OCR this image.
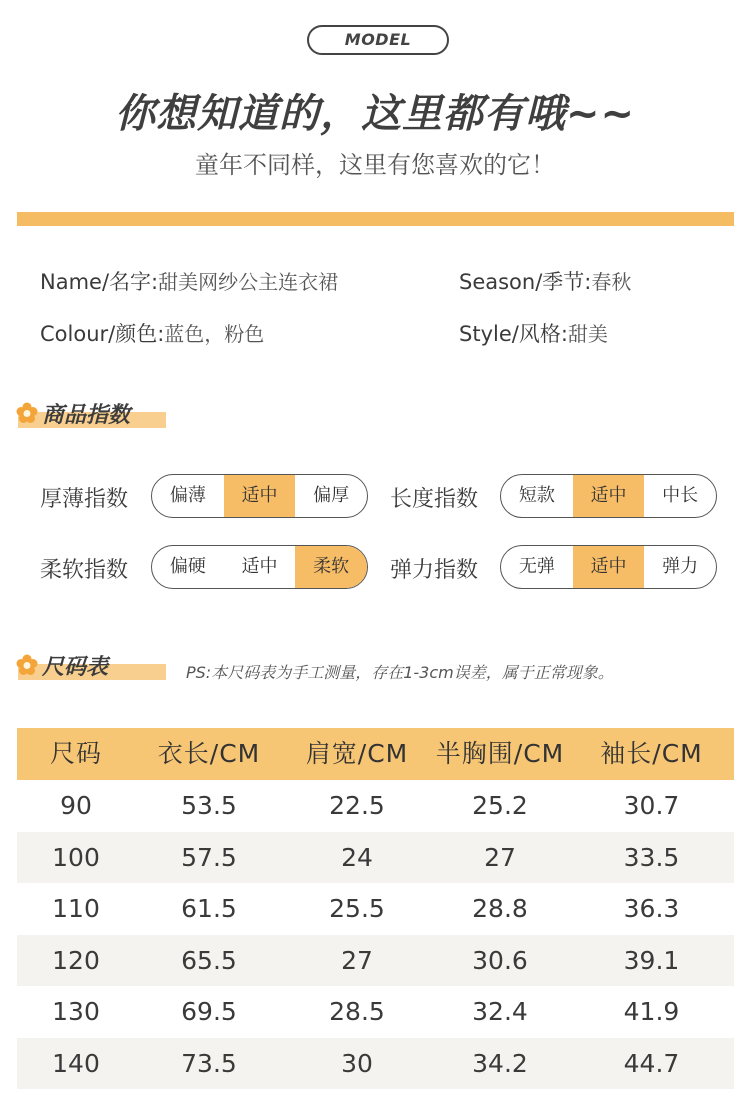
MODEL
你想知道的，这里都有哦~~
童年不同样，这里有您喜欢的它！
Name/名字:甜美网纱公主连衣裙	Season/季节:春秋
Colour/颜色:蓝色，粉色	Style/风格:甜美
商品指数
厚薄指数	偏薄	适中	偏厚	长度指数	短款	适中	中长
柔软指数	偏硬	适中	柔软	弹力指数	无弹	适中	弹力
尺码表	PS:本尺码表为手工测量，存在1-3cm误差，属于正常现象。
尺码	衣长/CM	肩宽/CM	半胸围/CM	袖长/CM
90	53.5	22.5	25.2	30.7
100	57.5	24	27	33.5
110	61.5	25.5	28.8	36.3
120	65.5	27	30.6	39.1
130	69.5	28.5	32.4	41.9
140	73.5	30	34.2	44.7
